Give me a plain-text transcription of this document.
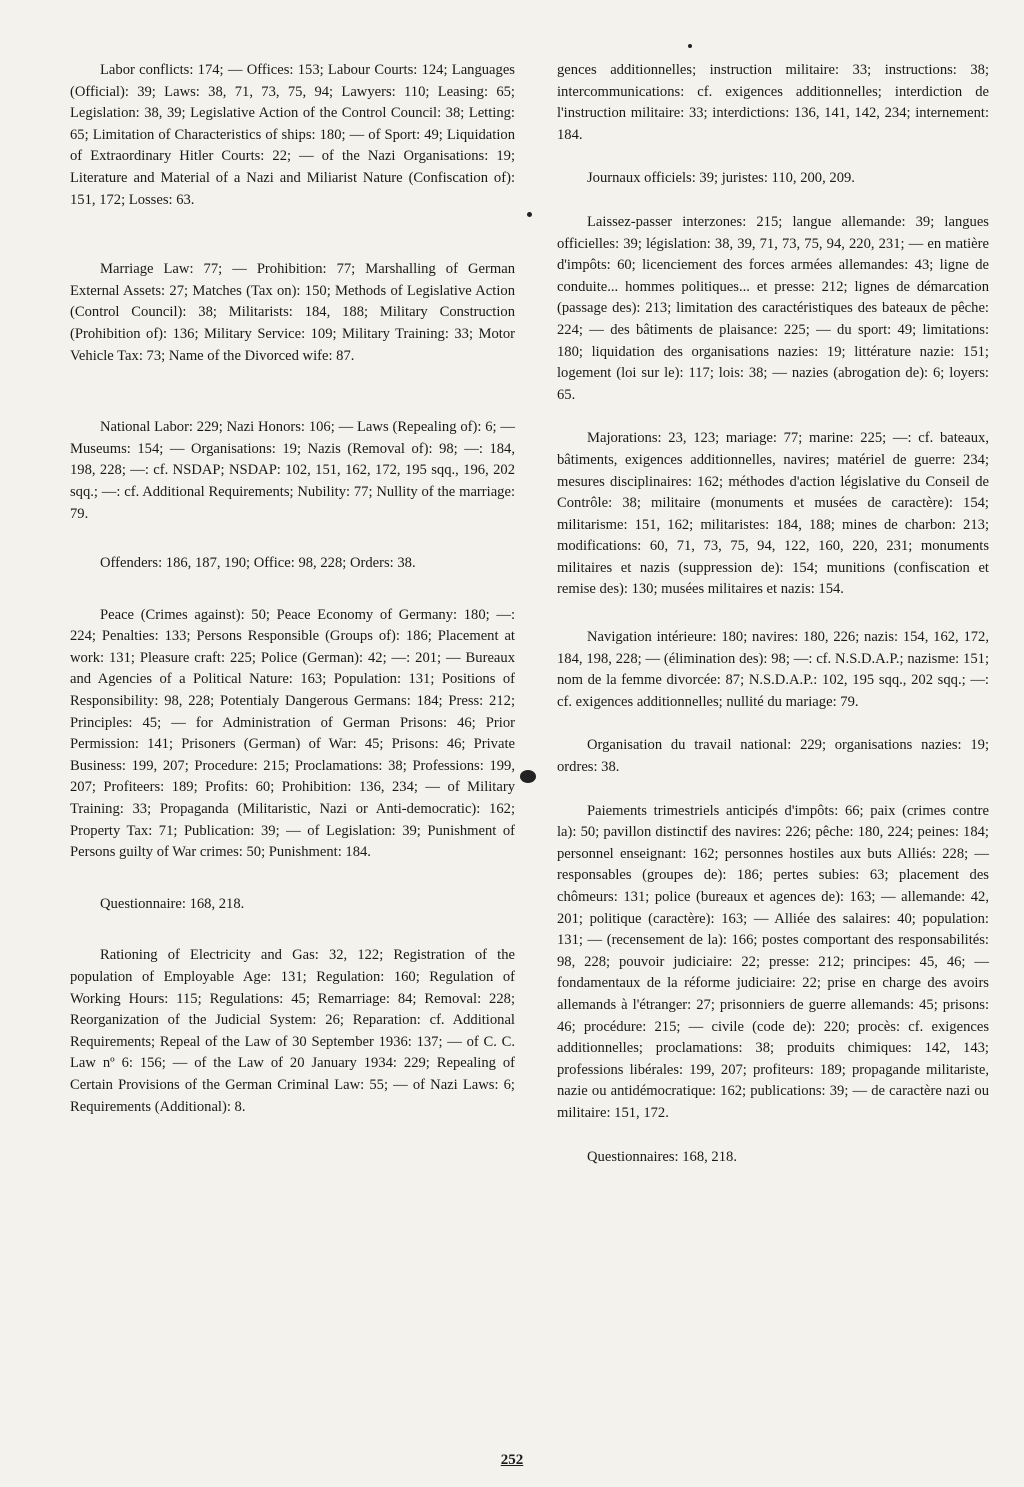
Labor conflicts: 174; — Offices: 153; Labour Courts: 124; Languages (Official): 39; Laws: 38, 71, 73, 75, 94; Lawyers: 110; Leasing: 65; Legislation: 38, 39; Legislative Action of the Control Council: 38; Letting: 65; Limitation of Characteristics of ships: 180; — of Sport: 49; Liquidation of Extraordinary Hitler Courts: 22; — of the Nazi Organisations: 19; Literature and Material of a Nazi and Miliarist Nature (Confiscation of): 151, 172; Losses: 63.

Marriage Law: 77; — Prohibition: 77; Marshalling of German External Assets: 27; Matches (Tax on): 150; Methods of Legislative Action (Control Council): 38; Militarists: 184, 188; Military Construction (Prohibition of): 136; Military Service: 109; Military Training: 33; Motor Vehicle Tax: 73; Name of the Divorced wife: 87.

National Labor: 229; Nazi Honors: 106; — Laws (Repealing of): 6; — Museums: 154; — Organisations: 19; Nazis (Removal of): 98; —: 184, 198, 228; —: cf. NSDAP; NSDAP: 102, 151, 162, 172, 195 sqq., 196, 202 sqq.; —: cf. Additional Requirements; Nubility: 77; Nullity of the marriage: 79.

Offenders: 186, 187, 190; Office: 98, 228; Orders: 38.

Peace (Crimes against): 50; Peace Economy of Germany: 180; —: 224; Penalties: 133; Persons Responsible (Groups of): 186; Placement at work: 131; Pleasure craft: 225; Police (German): 42; —: 201; — Bureaux and Agencies of a Political Nature: 163; Population: 131; Positions of Responsibility: 98, 228; Potentialy Dangerous Germans: 184; Press: 212; Principles: 45; — for Administration of German Prisons: 46; Prior Permission: 141; Prisoners (German) of War: 45; Prisons: 46; Private Business: 199, 207; Procedure: 215; Proclamations: 38; Professions: 199, 207; Profiteers: 189; Profits: 60; Prohibition: 136, 234; — of Military Training: 33; Propaganda (Militaristic, Nazi or Anti-democratic): 162; Property Tax: 71; Publication: 39; — of Legislation: 39; Punishment of Persons guilty of War crimes: 50; Punishment: 184.

Questionnaire: 168, 218.

Rationing of Electricity and Gas: 32, 122; Registration of the population of Employable Age: 131; Regulation: 160; Regulation of Working Hours: 115; Regulations: 45; Remarriage: 84; Removal: 228; Reorganization of the Judicial System: 26; Reparation: cf. Additional Requirements; Repeal of the Law of 30 September 1936: 137; — of C. C. Law nº 6: 156; — of the Law of 20 January 1934: 229; Repealing of Certain Provisions of the German Criminal Law: 55; — of Nazi Laws: 6; Requirements (Additional): 8.

gences additionnelles; instruction militaire: 33; instructions: 38; intercommunications: cf. exigences additionnelles; interdiction de l'instruction militaire: 33; interdictions: 136, 141, 142, 234; internement: 184.

Journaux officiels: 39; juristes: 110, 200, 209.

Laissez-passer interzones: 215; langue allemande: 39; langues officielles: 39; législation: 38, 39, 71, 73, 75, 94, 220, 231; — en matière d'impôts: 60; licenciement des forces armées allemandes: 43; ligne de conduite... hommes politiques... et presse: 212; lignes de démarcation (passage des): 213; limitation des caractéristiques des bateaux de pêche: 224; — des bâtiments de plaisance: 225; — du sport: 49; limitations: 180; liquidation des organisations nazies: 19; littérature nazie: 151; logement (loi sur le): 117; lois: 38; — nazies (abrogation de): 6; loyers: 65.

Majorations: 23, 123; mariage: 77; marine: 225; —: cf. bateaux, bâtiments, exigences additionnelles, navires; matériel de guerre: 234; mesures disciplinaires: 162; méthodes d'action législative du Conseil de Contrôle: 38; militaire (monuments et musées de caractère): 154; militarisme: 151, 162; militaristes: 184, 188; mines de charbon: 213; modifications: 60, 71, 73, 75, 94, 122, 160, 220, 231; monuments militaires et nazis (suppression de): 154; munitions (confiscation et remise des): 130; musées militaires et nazis: 154.

Navigation intérieure: 180; navires: 180, 226; nazis: 154, 162, 172, 184, 198, 228; — (élimination des): 98; —: cf. N.S.D.A.P.; nazisme: 151; nom de la femme divorcée: 87; N.S.D.A.P.: 102, 195 sqq., 202 sqq.; —: cf. exigences additionnelles; nullité du mariage: 79.

Organisation du travail national: 229; organisations nazies: 19; ordres: 38.

Paiements trimestriels anticipés d'impôts: 66; paix (crimes contre la): 50; pavillon distinctif des navires: 226; pêche: 180, 224; peines: 184; personnel enseignant: 162; personnes hostiles aux buts Alliés: 228; — responsables (groupes de): 186; pertes subies: 63; placement des chômeurs: 131; police (bureaux et agences de): 163; — allemande: 42, 201; politique (caractère): 163; — Alliée des salaires: 40; population: 131; — (recensement de la): 166; postes comportant des responsabilités: 98, 228; pouvoir judiciaire: 22; presse: 212; principes: 45, 46; — fondamentaux de la réforme judiciaire: 22; prise en charge des avoirs allemands à l'étranger: 27; prisonniers de guerre allemands: 45; prisons: 46; procédure: 215; — civile (code de): 220; procès: cf. exigences additionnelles; proclamations: 38; produits chimiques: 142, 143; professions libérales: 199, 207; profiteurs: 189; propagande militariste, nazie ou antidémocratique: 162; publications: 39; — de caractère nazi ou militaire: 151, 172.

Questionnaires: 168, 218.

252
